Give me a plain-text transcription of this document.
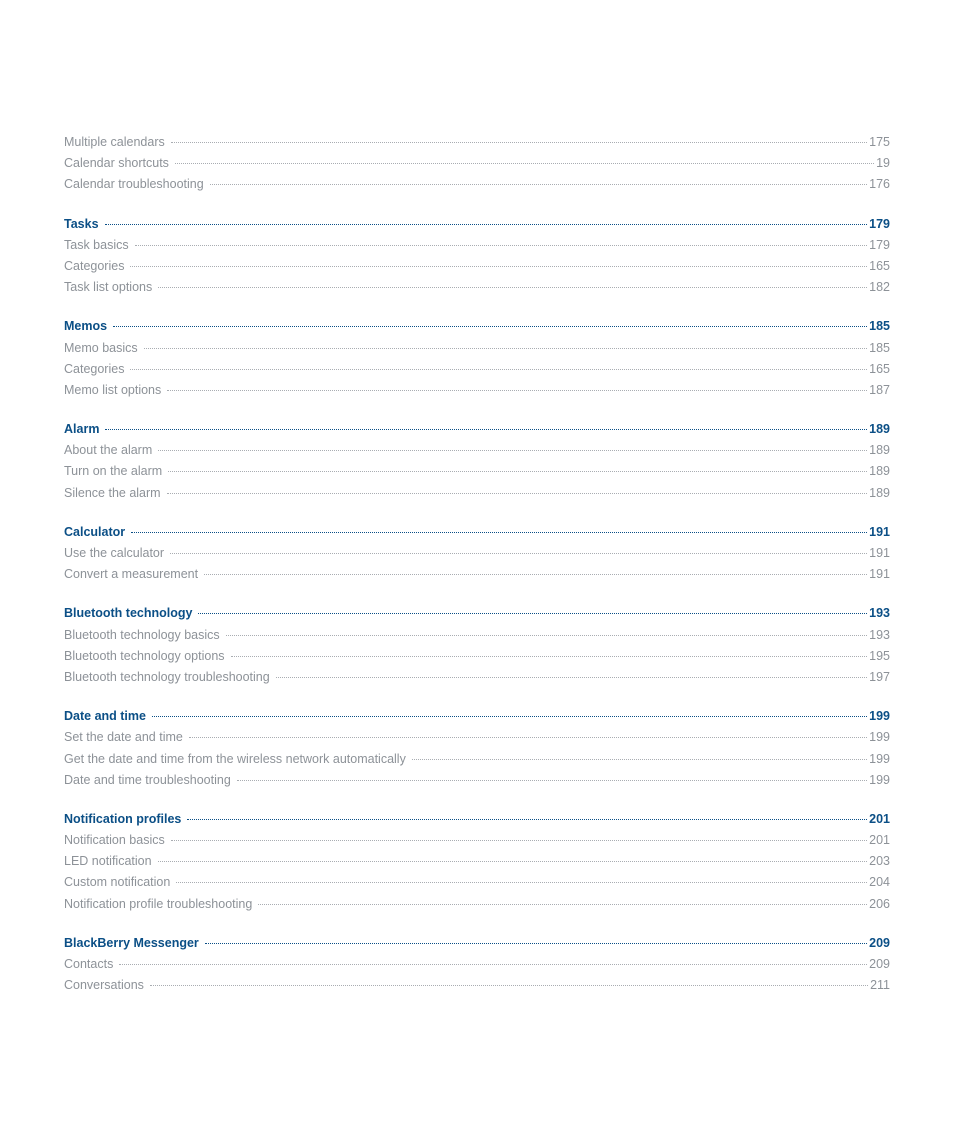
Multiple calendars	175
Calendar shortcuts	19
Calendar troubleshooting	176
Tasks	179
Task basics	179
Categories	165
Task list options	182
Memos	185
Memo basics	185
Categories	165
Memo list options	187
Alarm	189
About the alarm	189
Turn on the alarm	189
Silence the alarm	189
Calculator	191
Use the calculator	191
Convert a measurement	191
Bluetooth technology	193
Bluetooth technology basics	193
Bluetooth technology options	195
Bluetooth technology troubleshooting	197
Date and time	199
Set the date and time	199
Get the date and time from the wireless network automatically	199
Date and time troubleshooting	199
Notification profiles	201
Notification basics	201
LED notification	203
Custom notification	204
Notification profile troubleshooting	206
BlackBerry Messenger	209
Contacts	209
Conversations	211
